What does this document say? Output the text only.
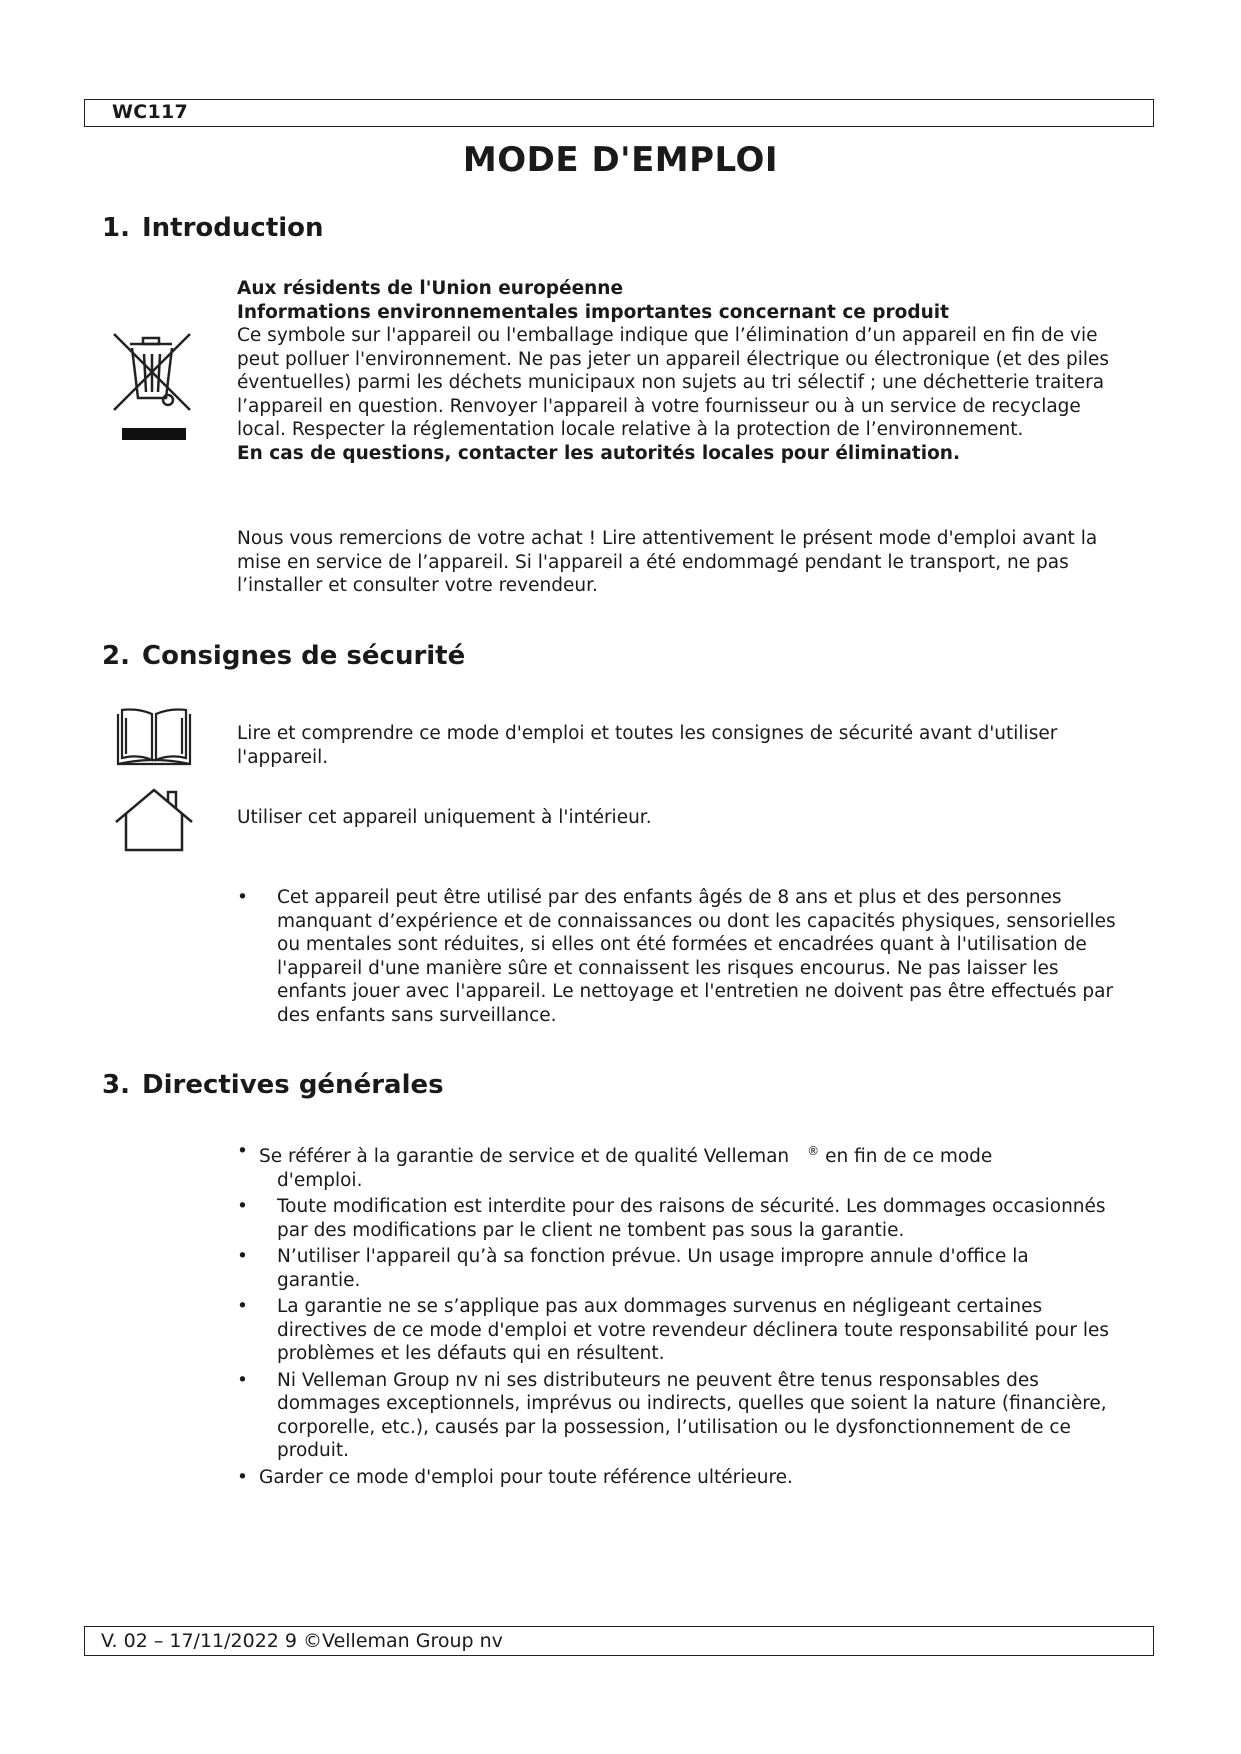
WC117
MODE D'EMPLOI
1. Introduction

Aux résidents de l'Union européenne

Informations environnementales importantes concernant ce produit

Ce symbole sur l'appareil ou l'emballage indique que l’élimination d’un appareil en fin de vie peut polluer l'environnement. Ne pas jeter un appareil électrique ou électronique (et des piles éventuelles) parmi les déchets municipaux non sujets au tri sélectif ; une déchetterie traitera l’appareil en question. Renvoyer l'appareil à votre fournisseur ou à un service de recyclage local. Respecter la réglementation locale relative à la protection de l’environnement.

En cas de questions, contacter les autorités locales pour élimination.

Nous vous remercions de votre achat ! Lire attentivement le présent mode d'emploi avant la mise en service de l’appareil. Si l'appareil a été endommagé pendant le transport, ne pas l’installer et consulter votre revendeur.

2. Consignes de sécurité

Lire et comprendre ce mode d'emploi et toutes les consignes de sécurité avant d'utiliser l'appareil.

Utiliser cet appareil uniquement à l'intérieur.

• Cet appareil peut être utilisé par des enfants âgés de 8 ans et plus et des personnes manquant d’expérience et de connaissances ou dont les capacités physiques, sensorielles ou mentales sont réduites, si elles ont été formées et encadrées quant à l'utilisation de l'appareil d'une manière sûre et connaissent les risques encourus. Ne pas laisser les enfants jouer avec l'appareil. Le nettoyage et l'entretien ne doivent pas être effectués par des enfants sans surveillance.
3. Directives générales
• Se référer à la garantie de service et de qualité Velleman ® en fin de ce mode
d'emploi.
• Toute modification est interdite pour des raisons de sécurité. Les dommages occasionnés par des modifications par le client ne tombent pas sous la garantie.
• N’utiliser l'appareil qu’à sa fonction prévue. Un usage impropre annule d'office la garantie.
• La garantie ne se s’applique pas aux dommages survenus en négligeant certaines directives de ce mode d'emploi et votre revendeur déclinera toute responsabilité pour les problèmes et les défauts qui en résultent.
• Ni Velleman Group nv ni ses distributeurs ne peuvent être tenus responsables des dommages exceptionnels, imprévus ou indirects, quelles que soient la nature (financière, corporelle, etc.), causés par la possession, l’utilisation ou le dysfonctionnement de ce produit.
• Garder ce mode d'emploi pour toute référence ultérieure.
V. 02 – 17/11/2022 9 ©Velleman Group nv
